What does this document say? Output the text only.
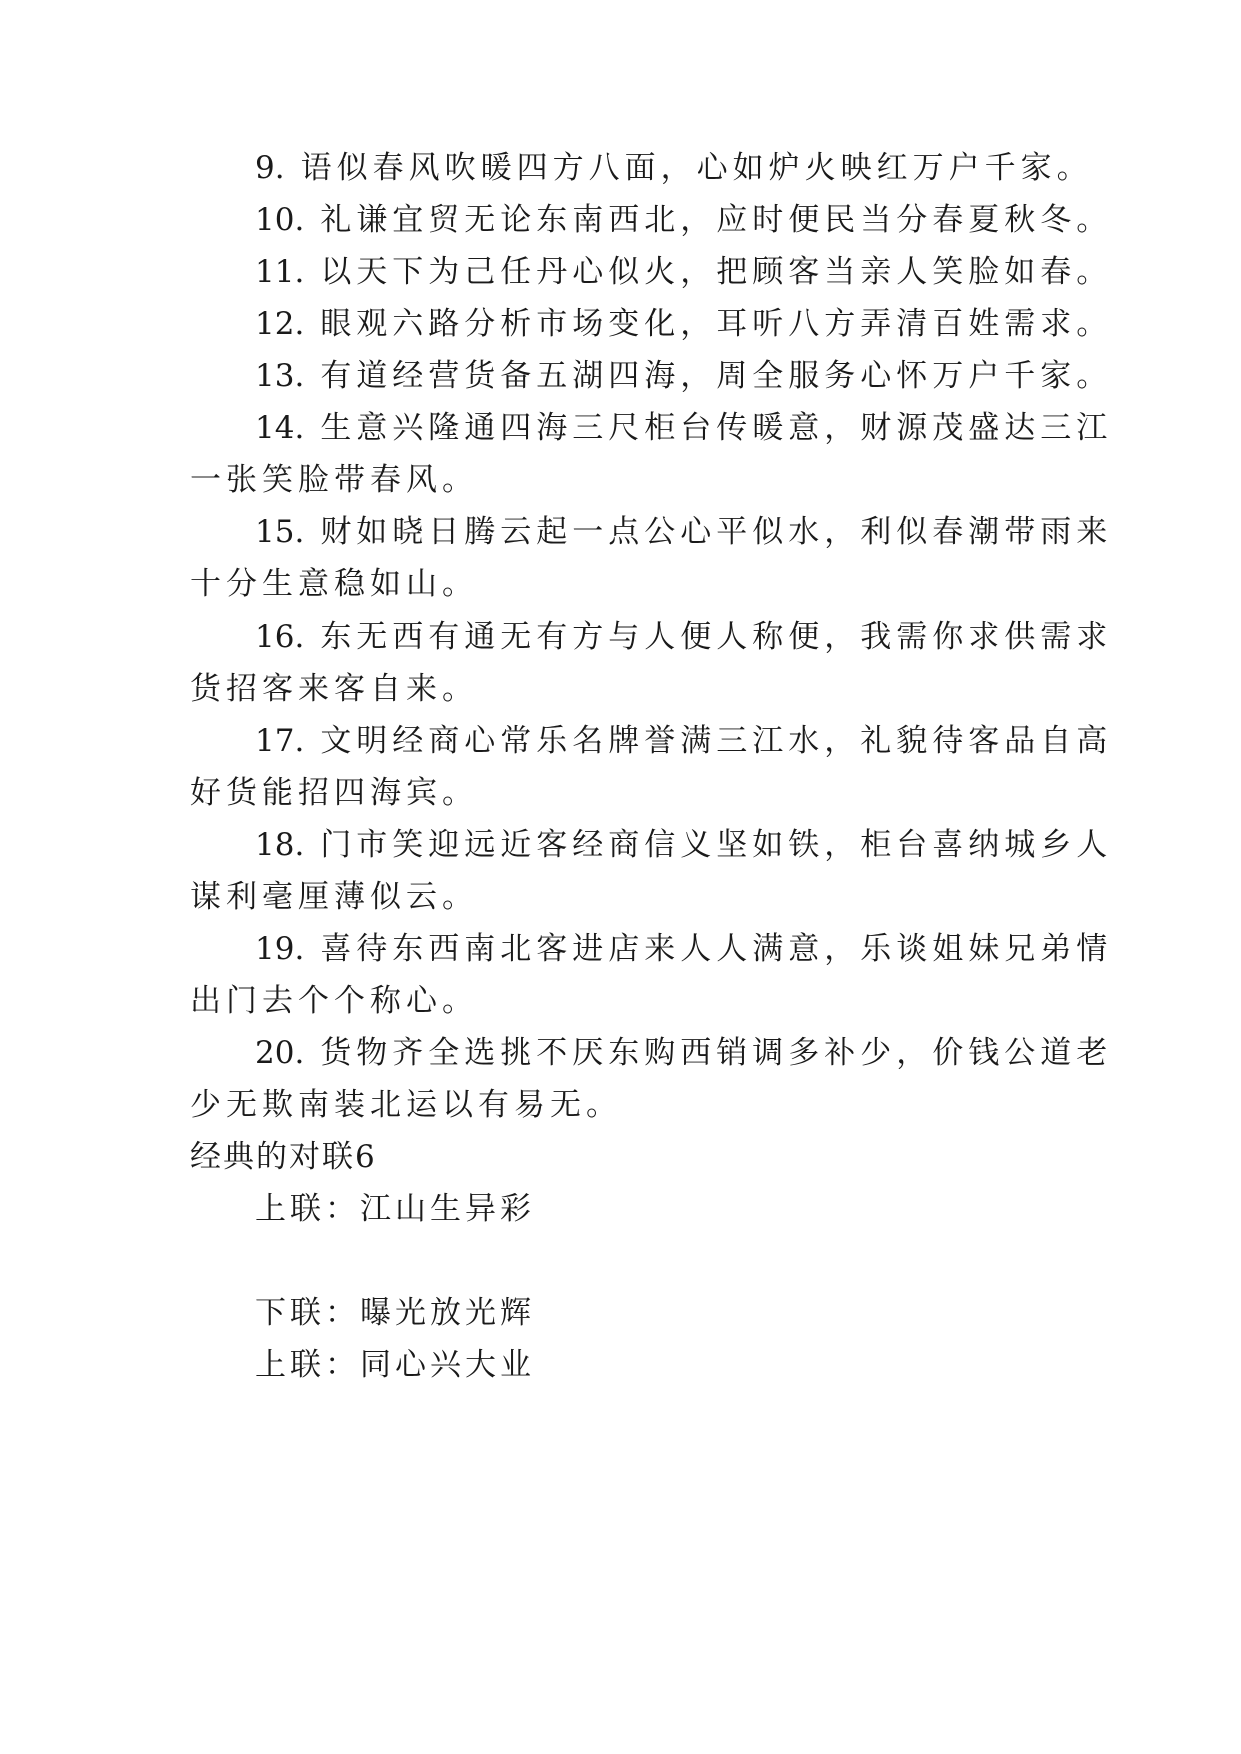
9. 语似春风吹暖四方八面，心如炉火映红万户千家。
10. 礼谦宜贸无论东南西北，应时便民当分春夏秋冬。
11. 以天下为己任丹心似火，把顾客当亲人笑脸如春。
12. 眼观六路分析市场变化，耳听八方弄清百姓需求。
13. 有道经营货备五湖四海，周全服务心怀万户千家。
14. 生意兴隆通四海三尺柜台传暖意，财源茂盛达三江
一张笑脸带春风。
15. 财如晓日腾云起一点公心平似水，利似春潮带雨来
十分生意稳如山。
16. 东无西有通无有方与人便人称便，我需你求供需求
货招客来客自来。
17. 文明经商心常乐名牌誉满三江水，礼貌待客品自高
好货能招四海宾。
18. 门市笑迎远近客经商信义坚如铁，柜台喜纳城乡人
谋利毫厘薄似云。
19. 喜待东西南北客进店来人人满意，乐谈姐妹兄弟情
出门去个个称心。
20. 货物齐全选挑不厌东购西销调多补少，价钱公道老
少无欺南装北运以有易无。
经典的对联6
上联：江山生异彩
下联：曝光放光辉
上联：同心兴大业
